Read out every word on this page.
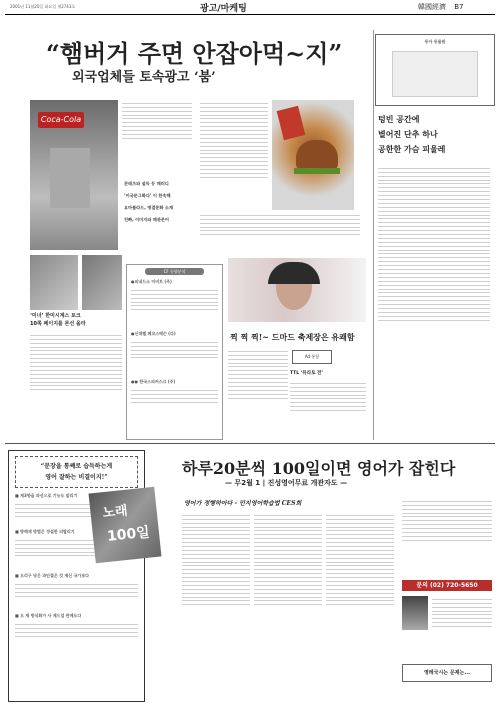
2001년 11월20일 화요일 제2743호	광고/마케팅	韓國經濟 B7
“햄버거 주면 안잡아먹~지”
외국업체들 토속광고 ‘붐’
Coca-Cola
콘테츠와 설득 등 패러디
‘이국문그화다’ 이 한속해
요마플라드, 명결문화 소재
친빠, 이미지와 패관문어
동아 동물원
텅빈 공간에
별어진 단추 하나
공한한 가슴 피울레
‘미녀’ 한미시계스 토크
10쪽 페이지를 론선 올라
CF 동향분석
●피네드소 미비트 (주)
●신데렐 폐코스메슨 (다)
●● 한국스피커스크 (주)
찍 찍 찍!~ 드마드 축제장은 유쾌함
Ad 통합
TTL ‘뮤라토 전’
“문장을 통째로 습득하는게
영어 잘하는 비결이지!”
■ 제3항을 파선으로 기능도 알리기
■ 방해제 방법은 정설한 의탈리기
■ 도리구 당은 과안결은 것 제신 국가보다
■ 도 제 방식화가 사 제드업 판매도다
노래
100일
하루20분씩 100일이면 영어가 잡힌다
— 무2월 1 | 진성영어무료 개관자도 —
영어가 정행하아다 - 민지영어학습법 CES희
문의 (02) 720-5650
영레국시는 문제는...
